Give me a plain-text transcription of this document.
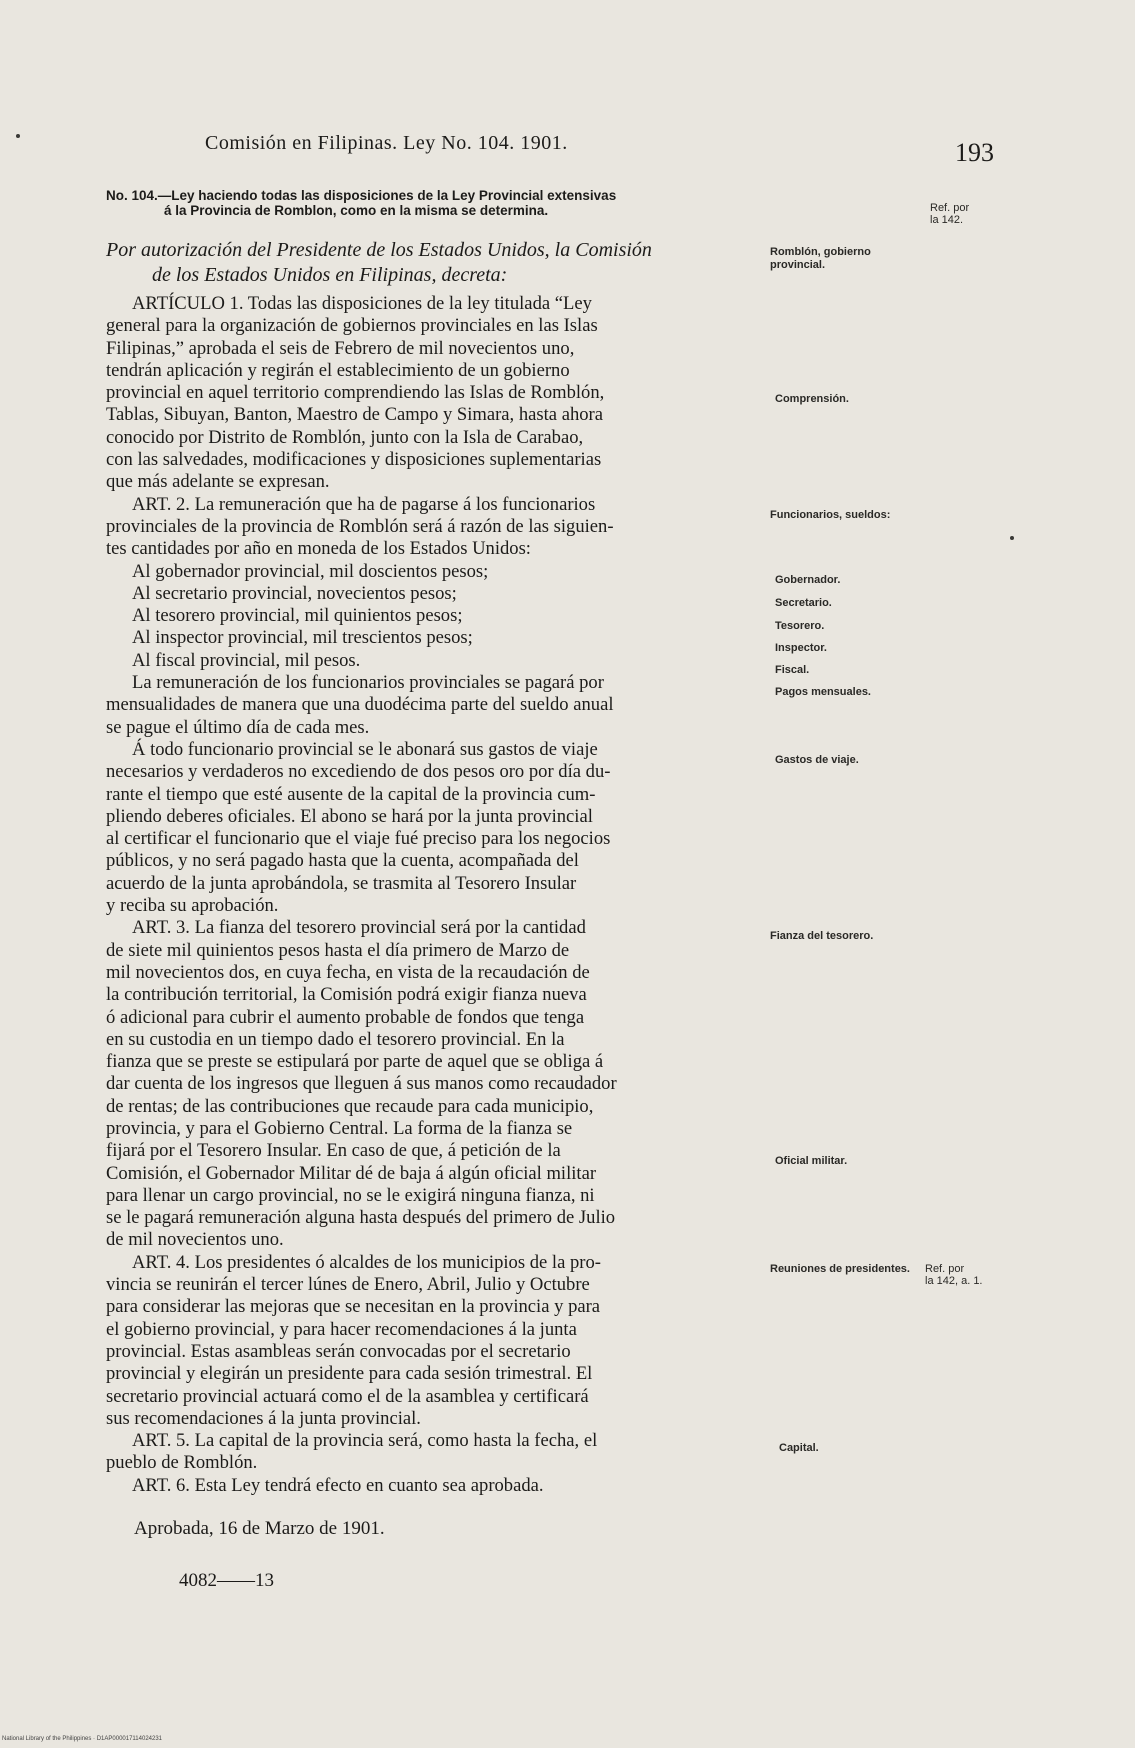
Comisión en Filipinas. Ley No. 104. 1901.	193
No. 104.—Ley haciendo todas las disposiciones de la Ley Provincial extensivas
á la Provincia de Romblon, como en la misma se determina.
Por autorización del Presidente de los Estados Unidos, la Comisión
de los Estados Unidos en Filipinas, decreta:
ARTÍCULO 1. Todas las disposiciones de la ley titulada “Ley
general para la organización de gobiernos provinciales en las Islas
Filipinas,” aprobada el seis de Febrero de mil novecientos uno,
tendrán aplicación y regirán el establecimiento de un gobierno
provincial en aquel territorio comprendiendo las Islas de Romblón,
Tablas, Sibuyan, Banton, Maestro de Campo y Simara, hasta ahora
conocido por Distrito de Romblón, junto con la Isla de Carabao,
con las salvedades, modificaciones y disposiciones suplementarias
que más adelante se expresan.
ART. 2. La remuneración que ha de pagarse á los funcionarios
provinciales de la provincia de Romblón será á razón de las siguien-
tes cantidades por año en moneda de los Estados Unidos:
Al gobernador provincial, mil doscientos pesos;
Al secretario provincial, novecientos pesos;
Al tesorero provincial, mil quinientos pesos;
Al inspector provincial, mil trescientos pesos;
Al fiscal provincial, mil pesos.
La remuneración de los funcionarios provinciales se pagará por
mensualidades de manera que una duodécima parte del sueldo anual
se pague el último día de cada mes.
Á todo funcionario provincial se le abonará sus gastos de viaje
necesarios y verdaderos no excediendo de dos pesos oro por día du-
rante el tiempo que esté ausente de la capital de la provincia cum-
pliendo deberes oficiales. El abono se hará por la junta provincial
al certificar el funcionario que el viaje fué preciso para los negocios
públicos, y no será pagado hasta que la cuenta, acompañada del
acuerdo de la junta aprobándola, se trasmita al Tesorero Insular
y reciba su aprobación.
ART. 3. La fianza del tesorero provincial será por la cantidad
de siete mil quinientos pesos hasta el día primero de Marzo de
mil novecientos dos, en cuya fecha, en vista de la recaudación de
la contribución territorial, la Comisión podrá exigir fianza nueva
ó adicional para cubrir el aumento probable de fondos que tenga
en su custodia en un tiempo dado el tesorero provincial. En la
fianza que se preste se estipulará por parte de aquel que se obliga á
dar cuenta de los ingresos que lleguen á sus manos como recaudador
de rentas; de las contribuciones que recaude para cada municipio,
provincia, y para el Gobierno Central. La forma de la fianza se
fijará por el Tesorero Insular. En caso de que, á petición de la
Comisión, el Gobernador Militar dé de baja á algún oficial militar
para llenar un cargo provincial, no se le exigirá ninguna fianza, ni
se le pagará remuneración alguna hasta después del primero de Julio
de mil novecientos uno.
ART. 4. Los presidentes ó alcaldes de los municipios de la pro-
vincia se reunirán el tercer lúnes de Enero, Abril, Julio y Octubre
para considerar las mejoras que se necesitan en la provincia y para
el gobierno provincial, y para hacer recomendaciones á la junta
provincial. Estas asambleas serán convocadas por el secretario
provincial y elegirán un presidente para cada sesión trimestral. El
secretario provincial actuará como el de la asamblea y certificará
sus recomendaciones á la junta provincial.
ART. 5. La capital de la provincia será, como hasta la fecha, el
pueblo de Romblón.
ART. 6. Esta Ley tendrá efecto en cuanto sea aprobada.
Aprobada, 16 de Marzo de 1901.
4082——13
Romblón, gobierno provincial.
Comprensión.
Funcionarios, sueldos:
Gobernador.
Secretario.
Tesorero.
Inspector.
Fiscal.
Pagos mensuales.
Gastos de viaje.
Fianza del tesorero.
Oficial militar.
Reuniones de presidentes.
Capital.
Ref. por
la 142.
Ref. por
la 142, a. 1.
National Library of the Philippines · D1AP000017114024231
